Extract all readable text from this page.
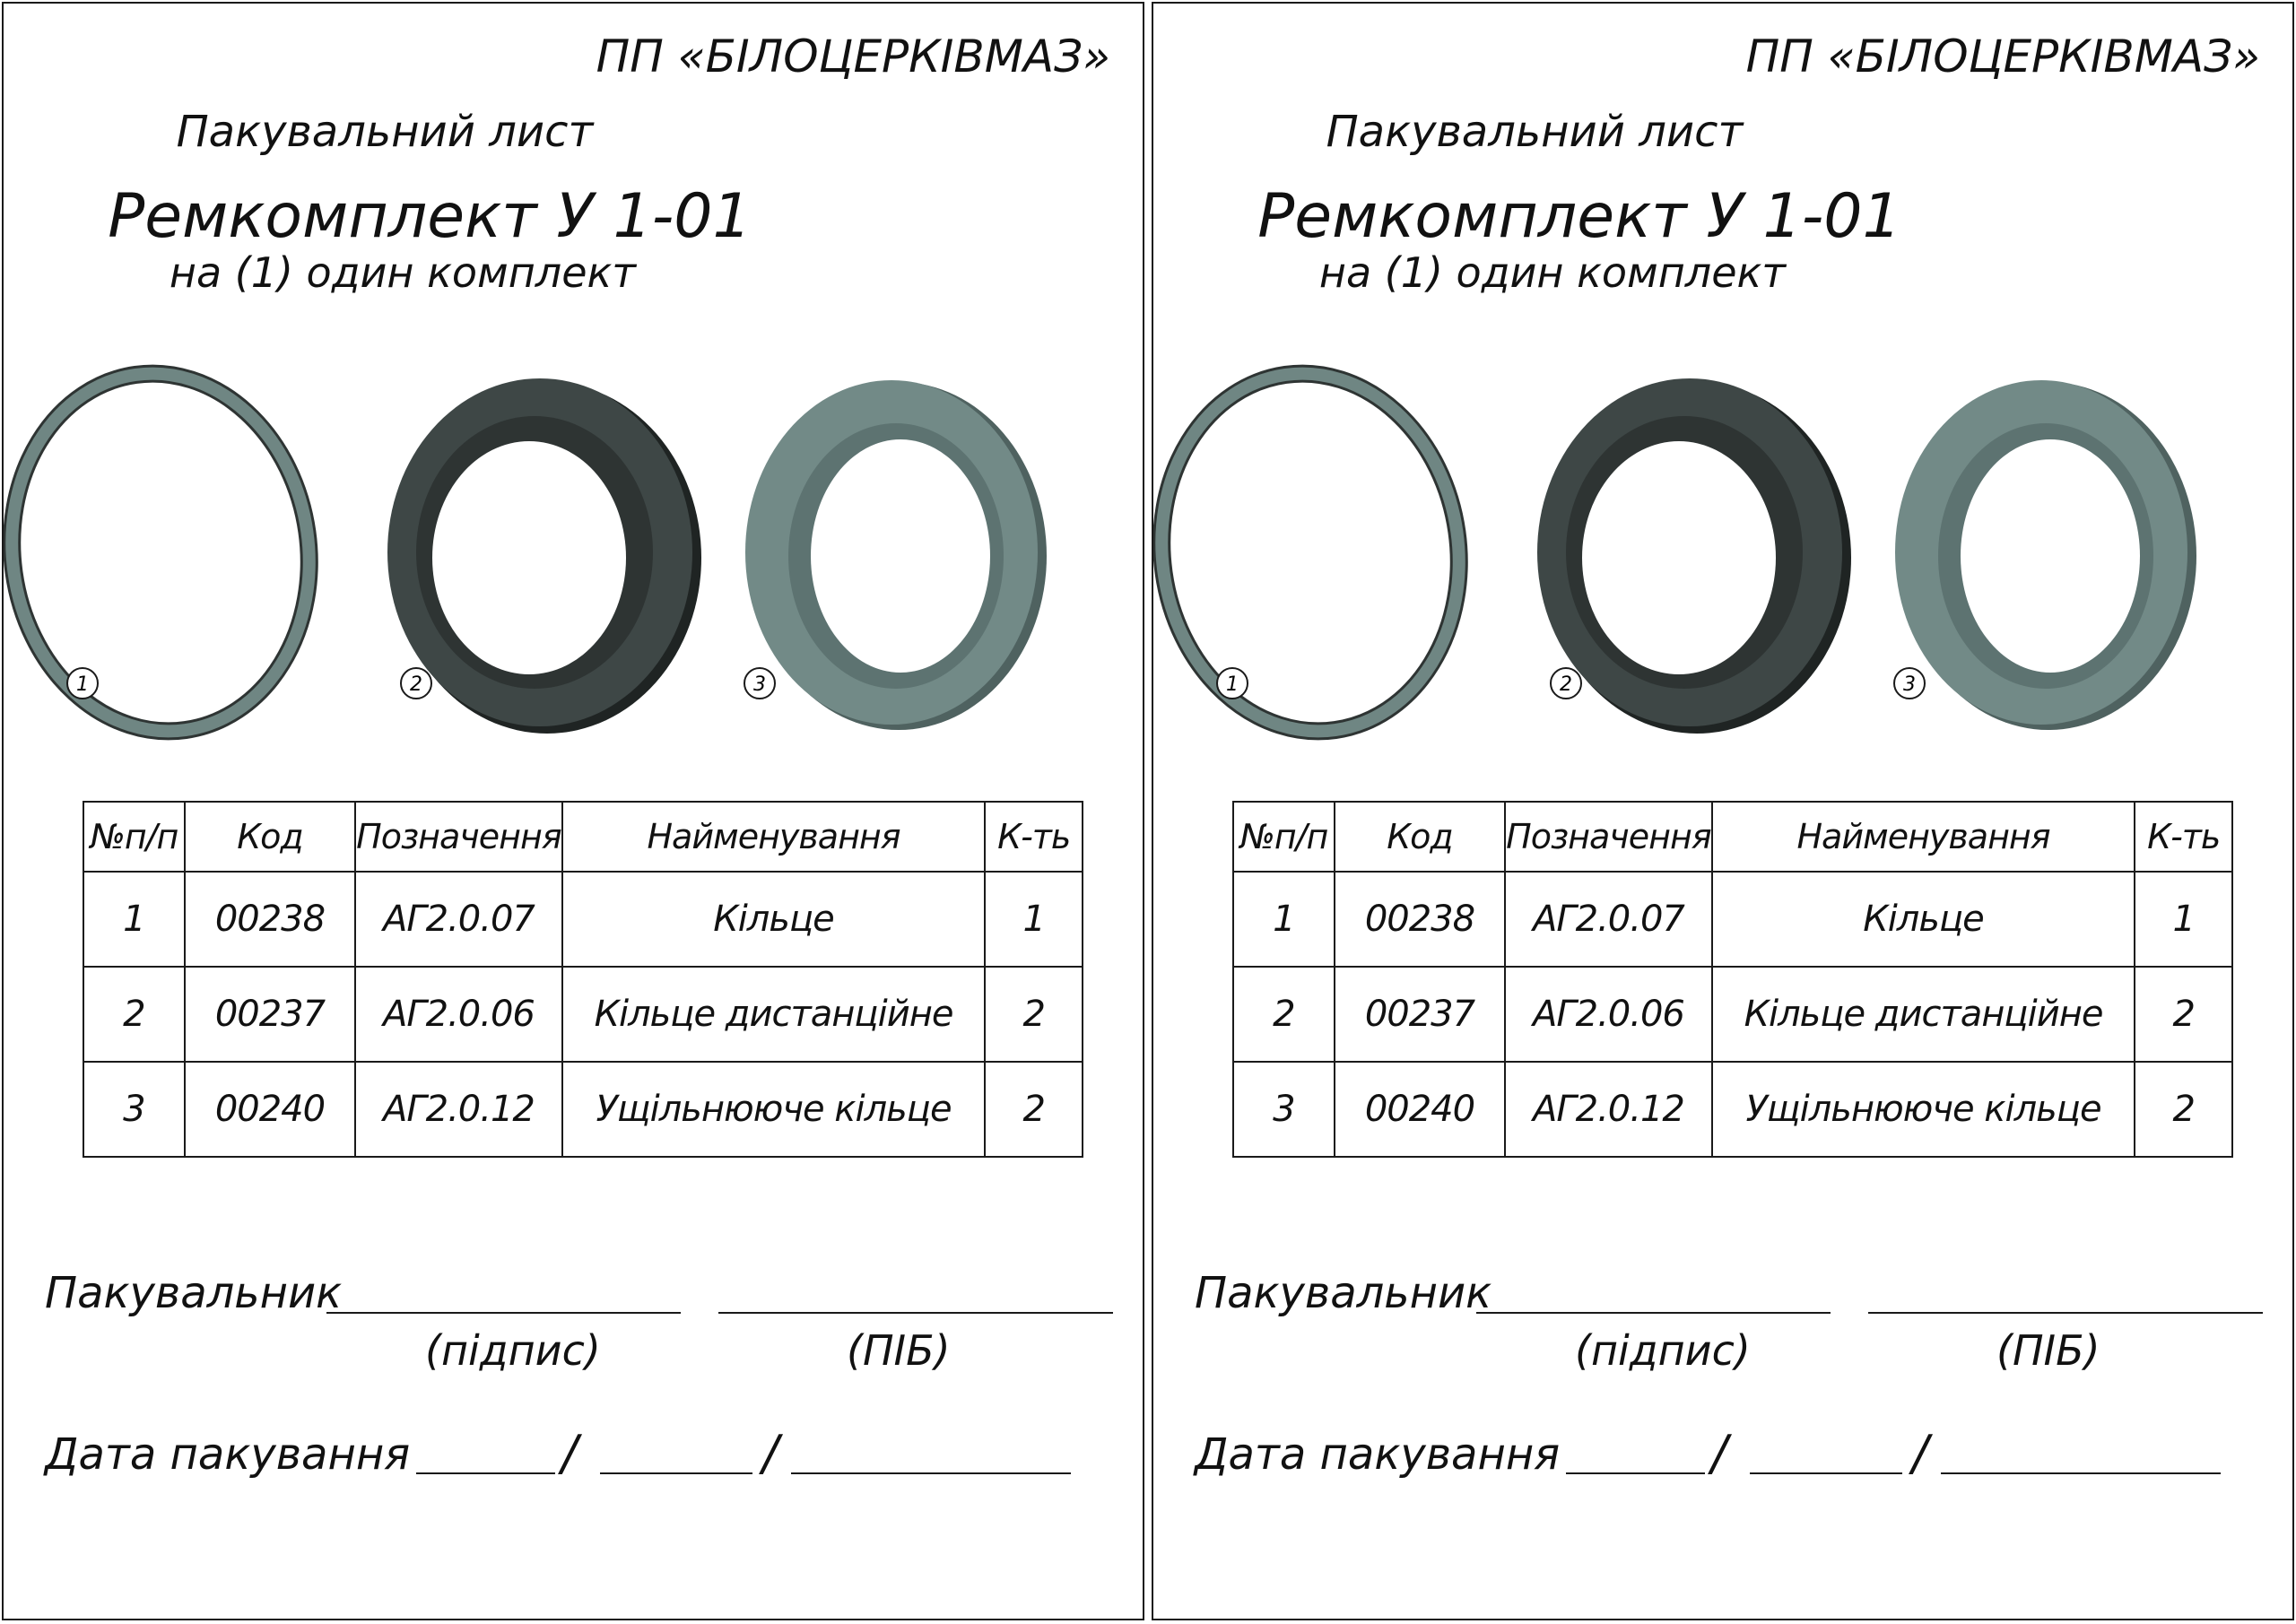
ПП «БІЛОЦЕРКІВМАЗ»
Пакувальний лист
Ремкомплект У 1-01
на (1) один комплект
1	2	3
№п/п	Код	Позначення	Найменування	К-ть
1	00238	АГ2.0.07	Кільце	1
2	00237	АГ2.0.06	Кільце дистанційне	2
3	00240	АГ2.0.12	Ущільнююче кільце	2
Пакувальник
(підпис)	(ПІБ)
Дата пакування	/	/
ПП «БІЛОЦЕРКІВМАЗ»
Пакувальний лист
Ремкомплект У 1-01
на (1) один комплект
1	2	3
№п/п	Код	Позначення	Найменування	К-ть
1	00238	АГ2.0.07	Кільце	1
2	00237	АГ2.0.06	Кільце дистанційне	2
3	00240	АГ2.0.12	Ущільнююче кільце	2
Пакувальник
(підпис)	(ПІБ)
Дата пакування	/	/
